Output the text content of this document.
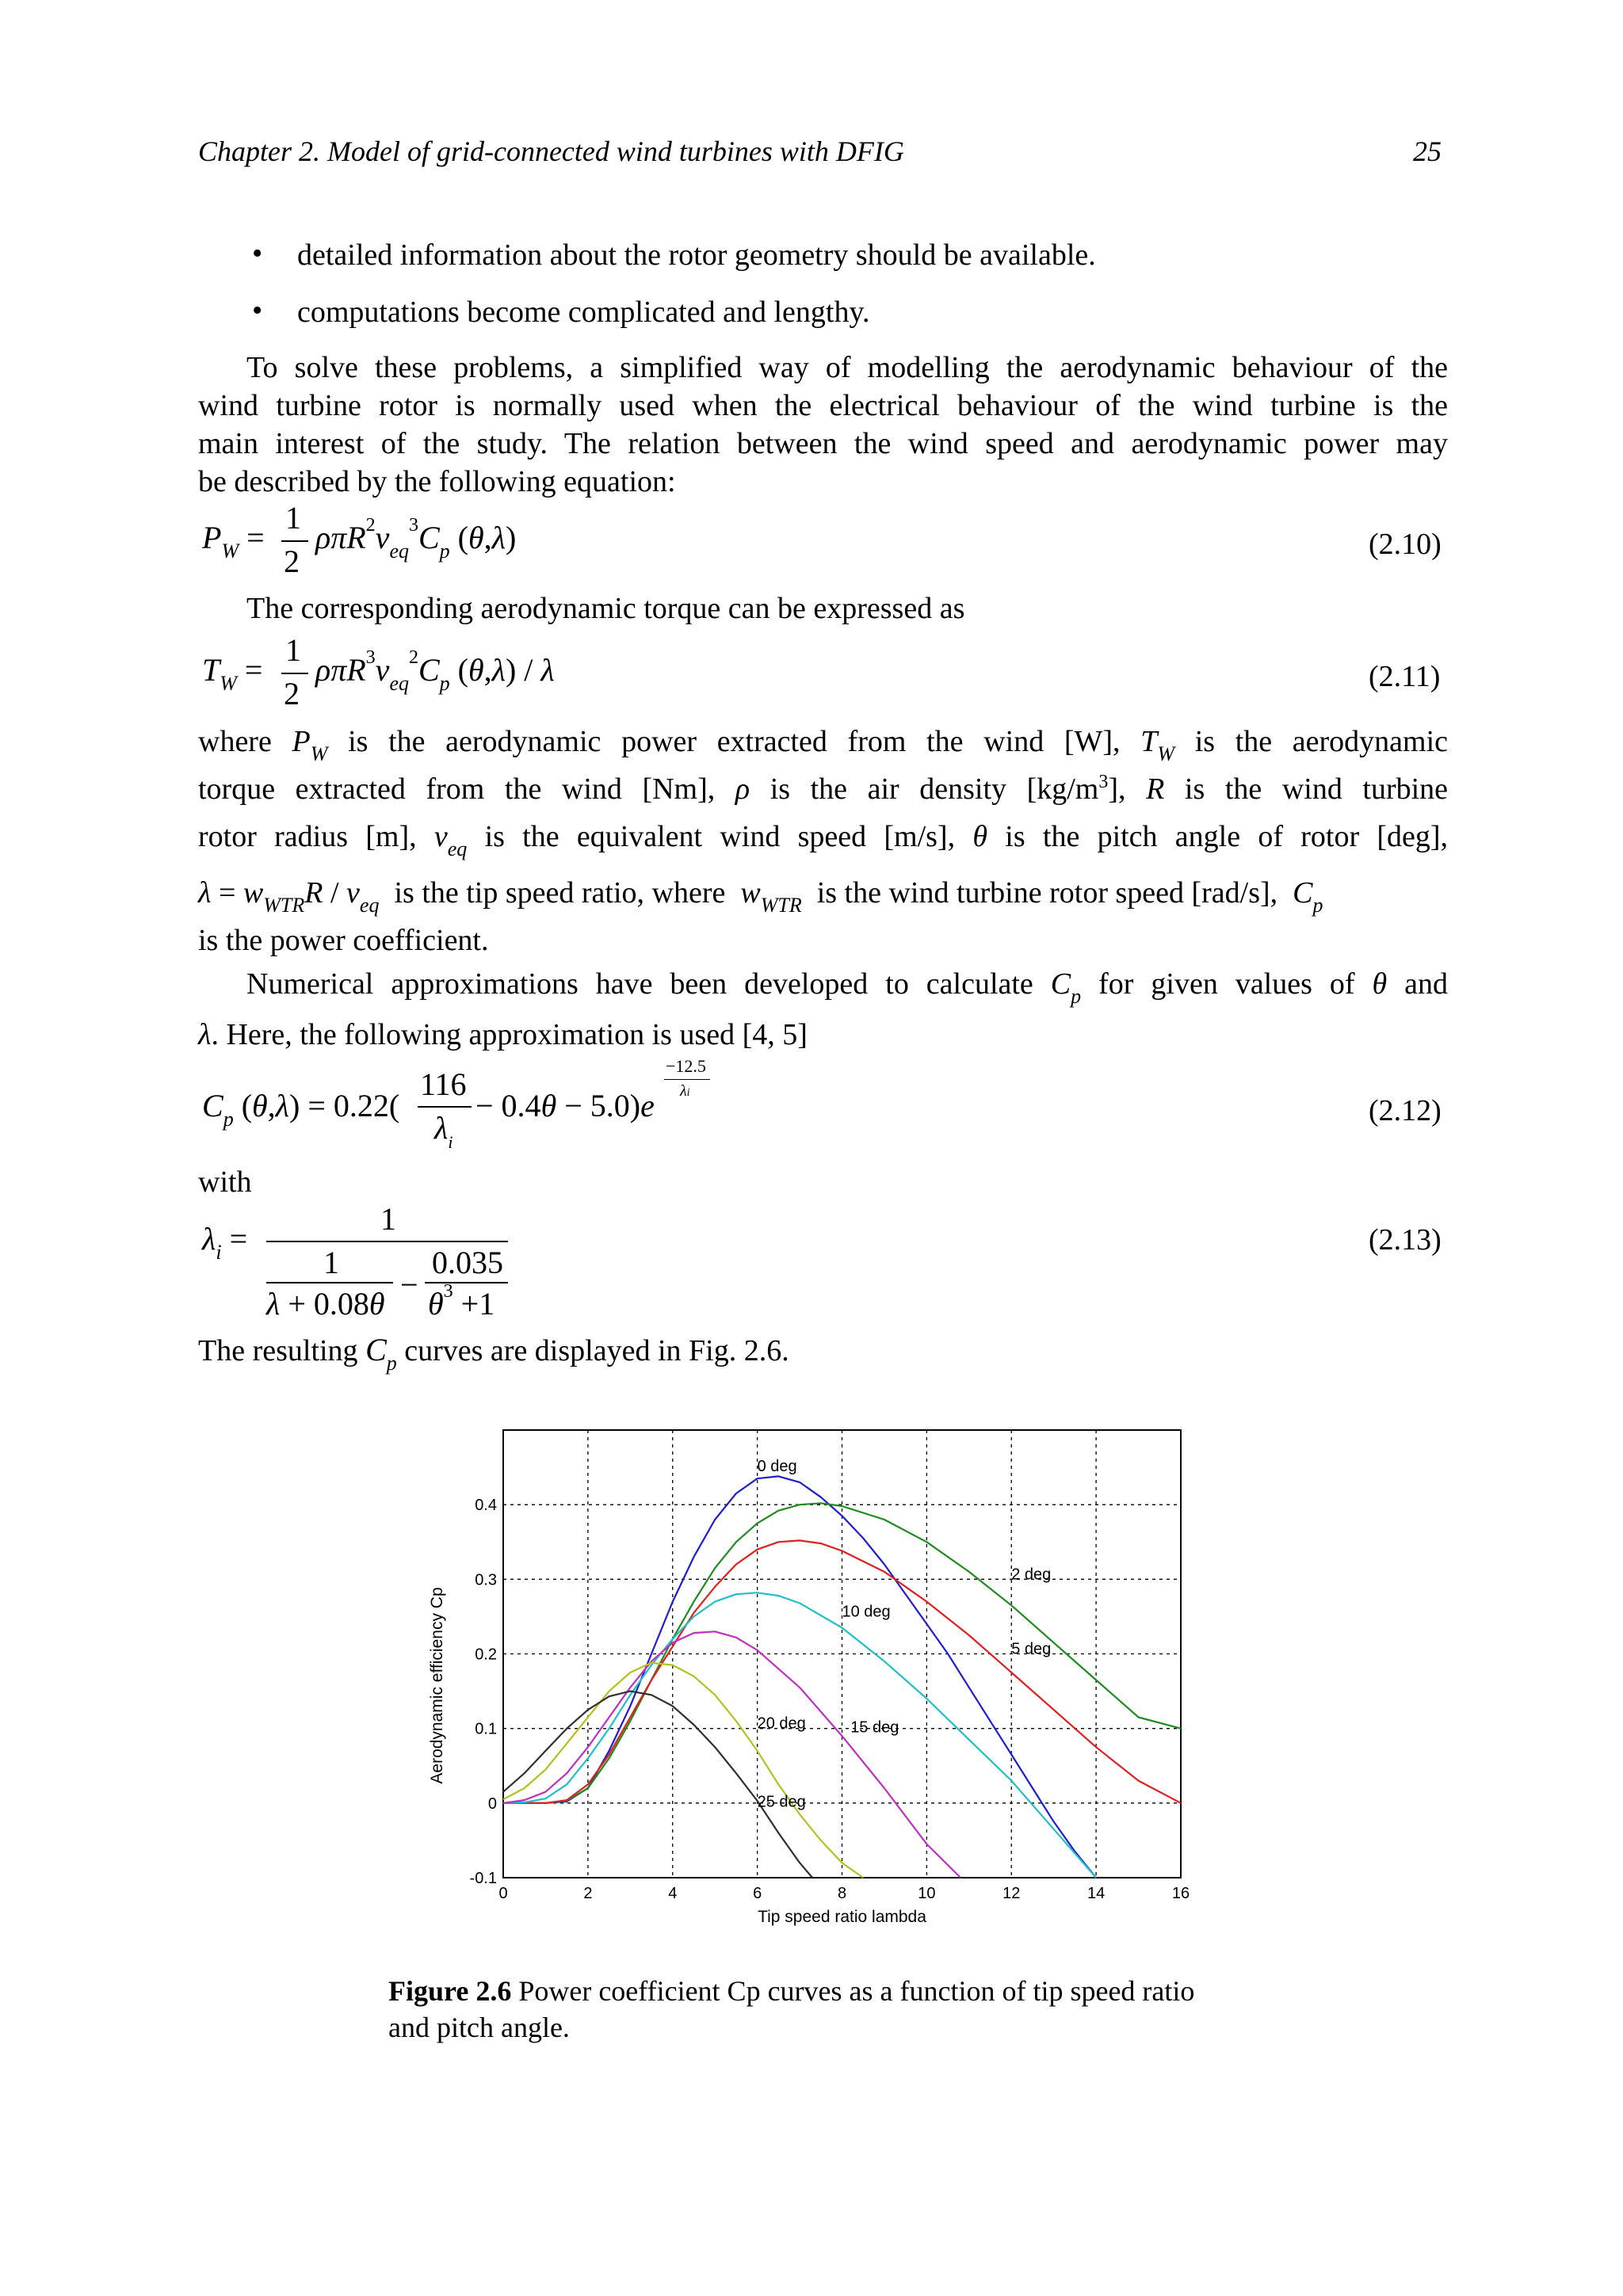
Chapter 2. Model of grid-connected wind turbines with DFIG	25
• detailed information about the rotor geometry should be available.
• computations become complicated and lengthy.
To solve these problems, a simplified way of modelling the aerodynamic behaviour of the
wind turbine rotor is normally used when the electrical behaviour of the wind turbine is the
main interest of the study. The relation between the wind speed and aerodynamic power may
be described by the following equation:
$P_W$ =
1
2
$\rho\pi R^2v_{eq}^3C_p$ (θ,λ)	(2.10)
The corresponding aerodynamic torque can be expressed as
$T_W$ =
1
2
$\rho\pi R^3v_{eq}^2C_p$ (θ,λ) / λ	(2.11)
where $P_W$ is the aerodynamic power extracted from the wind [W], $T_W$ is the aerodynamic
torque extracted from the wind [Nm], ρ is the air density $[kg/m^3]$, R is the wind turbine
rotor radius [m], $v_{eq}$ is the equivalent wind speed [m/s], θ is the pitch angle of rotor [deg],
$\lambda = w_{WTR}R / v_{eq}$ is the tip speed ratio, where $w_{WTR}$ is the wind turbine rotor speed [rad/s], $C_p$
is the power coefficient.
Numerical approximations have been developed to calculate $C_p$ for given values of θ and
λ. Here, the following approximation is used [4, 5]
$C_p$ (θ,λ) = 0.22(
116
$\lambda_i$
− 0.4θ − 5.0)e
−12.5
λi
(2.12)
with
$\lambda_i$ =
1
1	0.035
−
λ + 0.08θ $\theta^3 +1$
(2.13)
The resulting $C_p$ curves are displayed in Fig. 2.6.
0	2	4	6	8	10	12	14	16
-0.1
0
0.1
0.2
0.3
0.4
0 deg
2 deg
5 deg
10 deg
15 deg
20 deg
25 deg
Tip speed ratio lambda
Aerodynamic efficiency Cp
Figure 2.6 Power coefficient Cp curves as a function of tip speed ratio
and pitch angle.
